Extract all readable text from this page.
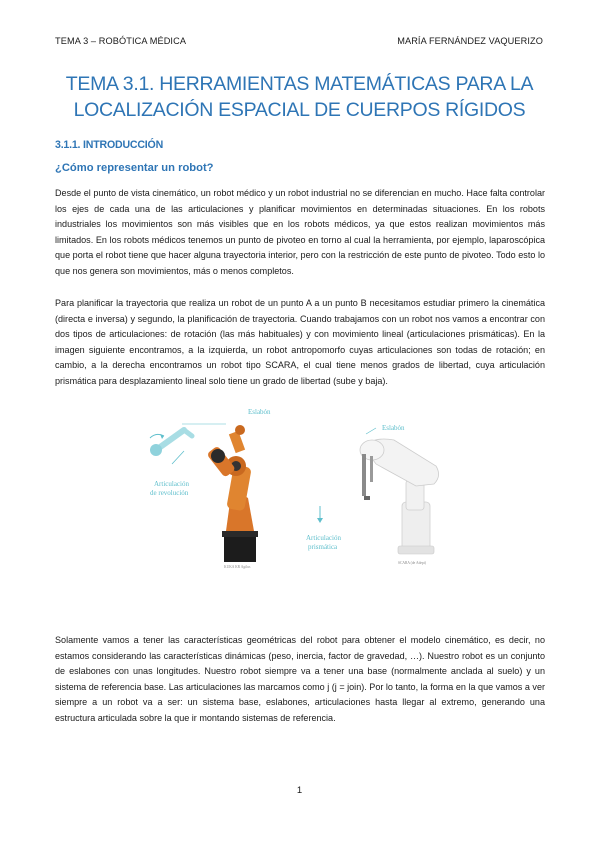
TEMA 3 – ROBÓTICA MÉDICA	MARÍA FERNÁNDEZ VAQUERIZO
TEMA 3.1. HERRAMIENTAS MATEMÁTICAS PARA LA
LOCALIZACIÓN ESPACIAL DE CUERPOS RÍGIDOS
3.1.1. INTRODUCCIÓN
¿Cómo representar un robot?

Desde el punto de vista cinemático, un robot médico y un robot industrial no se diferencian en mucho. Hace falta controlar los ejes de cada una de las articulaciones y planificar movimientos en determinadas situaciones. En los robots industriales los movimientos son más visibles que en los robots médicos, ya que estos realizan movimientos más limitados. En los robots médicos tenemos un punto de pivoteo en torno al cual la herramienta, por ejemplo, laparoscópica que porta el robot tiene que hacer alguna trayectoria interior, pero con la restricción de este punto de pivoteo. Todo esto lo que nos genera son movimientos, más o menos completos.

Para planificar la trayectoria que realiza un robot de un punto A a un punto B necesitamos estudiar primero la cinemática (directa e inversa) y segundo, la planificación de trayectoria. Cuando trabajamos con un robot nos vamos a encontrar con dos tipos de articulaciones: de rotación (las más habituales) y con movimiento lineal (articulaciones prismáticas). En la imagen siguiente encontramos, a la izquierda, un robot antropomorfo cuyas articulaciones son todas de rotación; en cambio, a la derecha encontramos un robot tipo SCARA, el cual tiene menos grados de libertad, cuya articulación prismática para desplazamiento lineal solo tiene un grado de libertad (sube y baja).

Eslabón
Articulación
de revolución
KUKA KR Agilus
Eslabón
Articulación
prismática
SCARA (de Adept)

Solamente vamos a tener las características geométricas del robot para obtener el modelo cinemático, es decir, no estamos considerando las características dinámicas (peso, inercia, factor de gravedad, …). Nuestro robot es un conjunto de eslabones con unas longitudes. Nuestro robot siempre va a tener una base (normalmente anclada al suelo) y un sistema de referencia base. Las articulaciones las marcamos como j (j = join). Por lo tanto, la forma en la que vamos a ver siempre a un robot va a ser: un sistema base, eslabones, articulaciones hasta llegar al extremo, generando una estructura articulada sobre la que ir montando sistemas de referencia.

1
